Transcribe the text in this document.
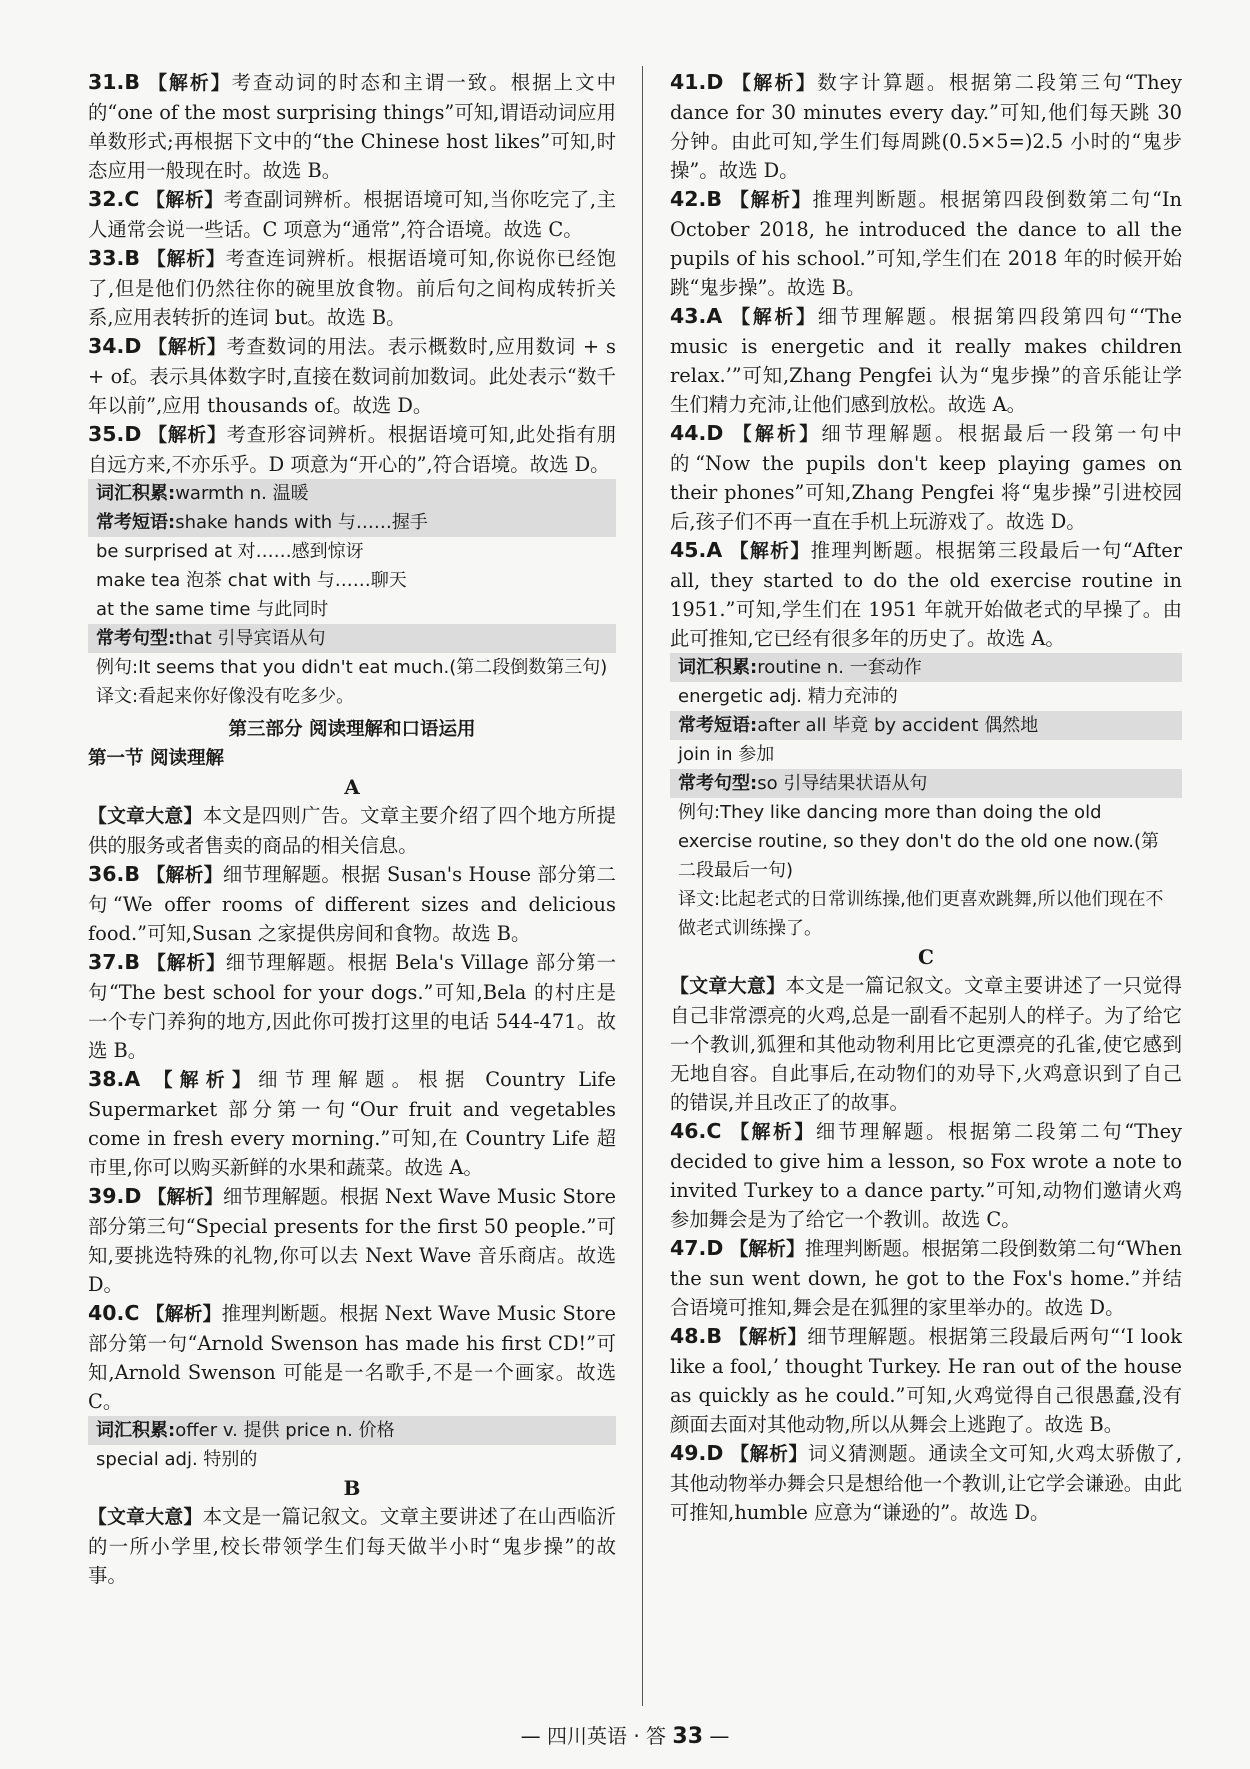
31.B 【解析】考查动词的时态和主谓一致。根据上文中的“one of the most surprising things”可知,谓语动词应用单数形式;再根据下文中的“the Chinese host likes”可知,时态应用一般现在时。故选 B。

32.C 【解析】考查副词辨析。根据语境可知,当你吃完了,主人通常会说一些话。C 项意为“通常”,符合语境。故选 C。

33.B 【解析】考查连词辨析。根据语境可知,你说你已经饱了,但是他们仍然往你的碗里放食物。前后句之间构成转折关系,应用表转折的连词 but。故选 B。

34.D 【解析】考查数词的用法。表示概数时,应用数词 + s + of。表示具体数字时,直接在数词前加数词。此处表示“数千年以前”,应用 thousands of。故选 D。

35.D 【解析】考查形容词辨析。根据语境可知,此处指有朋自远方来,不亦乐乎。D 项意为“开心的”,符合语境。故选 D。

词汇积累:warmth n. 温暖

常考短语:shake hands with 与……握手

be surprised at 对……感到惊讶

make tea 泡茶 chat with 与……聊天

at the same time 与此同时

常考句型:that 引导宾语从句

例句:It seems that you didn't eat much.(第二段倒数第三句)

译文:看起来你好像没有吃多少。

第三部分 阅读理解和口语运用

第一节 阅读理解

A

【文章大意】本文是四则广告。文章主要介绍了四个地方所提供的服务或者售卖的商品的相关信息。

36.B 【解析】细节理解题。根据 Susan's House 部分第二句“We offer rooms of different sizes and delicious food.”可知,Susan 之家提供房间和食物。故选 B。

37.B 【解析】细节理解题。根据 Bela's Village 部分第一句“The best school for your dogs.”可知,Bela 的村庄是一个专门养狗的地方,因此你可拨打这里的电话 544-471。故选 B。

38.A 【解析】细节理解题。根据 Country Life Supermarket 部分第一句“Our fruit and vegetables come in fresh every morning.”可知,在 Country Life 超市里,你可以购买新鲜的水果和蔬菜。故选 A。

39.D 【解析】细节理解题。根据 Next Wave Music Store 部分第三句“Special presents for the first 50 people.”可知,要挑选特殊的礼物,你可以去 Next Wave 音乐商店。故选 D。

40.C 【解析】推理判断题。根据 Next Wave Music Store 部分第一句“Arnold Swenson has made his first CD!”可知,Arnold Swenson 可能是一名歌手,不是一个画家。故选 C。

词汇积累:offer v. 提供 price n. 价格

special adj. 特别的

B

【文章大意】本文是一篇记叙文。文章主要讲述了在山西临沂的一所小学里,校长带领学生们每天做半小时“鬼步操”的故事。

41.D 【解析】数字计算题。根据第二段第三句“They dance for 30 minutes every day.”可知,他们每天跳 30 分钟。由此可知,学生们每周跳(0.5×5=)2.5 小时的“鬼步操”。故选 D。

42.B 【解析】推理判断题。根据第四段倒数第二句“In October 2018, he introduced the dance to all the pupils of his school.”可知,学生们在 2018 年的时候开始跳“鬼步操”。故选 B。

43.A 【解析】细节理解题。根据第四段第四句“‘The music is energetic and it really makes children relax.’”可知,Zhang Pengfei 认为“鬼步操”的音乐能让学生们精力充沛,让他们感到放松。故选 A。

44.D 【解析】细节理解题。根据最后一段第一句中的“Now the pupils don't keep playing games on their phones”可知,Zhang Pengfei 将“鬼步操”引进校园后,孩子们不再一直在手机上玩游戏了。故选 D。

45.A 【解析】推理判断题。根据第三段最后一句“After all, they started to do the old exercise routine in 1951.”可知,学生们在 1951 年就开始做老式的早操了。由此可推知,它已经有很多年的历史了。故选 A。

词汇积累:routine n. 一套动作

energetic adj. 精力充沛的

常考短语:after all 毕竟 by accident 偶然地

join in 参加

常考句型:so 引导结果状语从句

例句:They like dancing more than doing the old exercise routine, so they don't do the old one now.(第二段最后一句)

译文:比起老式的日常训练操,他们更喜欢跳舞,所以他们现在不做老式训练操了。

C

【文章大意】本文是一篇记叙文。文章主要讲述了一只觉得自己非常漂亮的火鸡,总是一副看不起别人的样子。为了给它一个教训,狐狸和其他动物利用比它更漂亮的孔雀,使它感到无地自容。自此事后,在动物们的劝导下,火鸡意识到了自己的错误,并且改正了的故事。

46.C 【解析】细节理解题。根据第二段第二句“They decided to give him a lesson, so Fox wrote a note to invited Turkey to a dance party.”可知,动物们邀请火鸡参加舞会是为了给它一个教训。故选 C。

47.D 【解析】推理判断题。根据第二段倒数第二句“When the sun went down, he got to the Fox's home.”并结合语境可推知,舞会是在狐狸的家里举办的。故选 D。

48.B 【解析】细节理解题。根据第三段最后两句“‘I look like a fool,’ thought Turkey. He ran out of the house as quickly as he could.”可知,火鸡觉得自己很愚蠢,没有颜面去面对其他动物,所以从舞会上逃跑了。故选 B。

49.D 【解析】词义猜测题。通读全文可知,火鸡太骄傲了,其他动物举办舞会只是想给他一个教训,让它学会谦逊。由此可推知,humble 应意为“谦逊的”。故选 D。

— 四川英语 · 答 33 —
